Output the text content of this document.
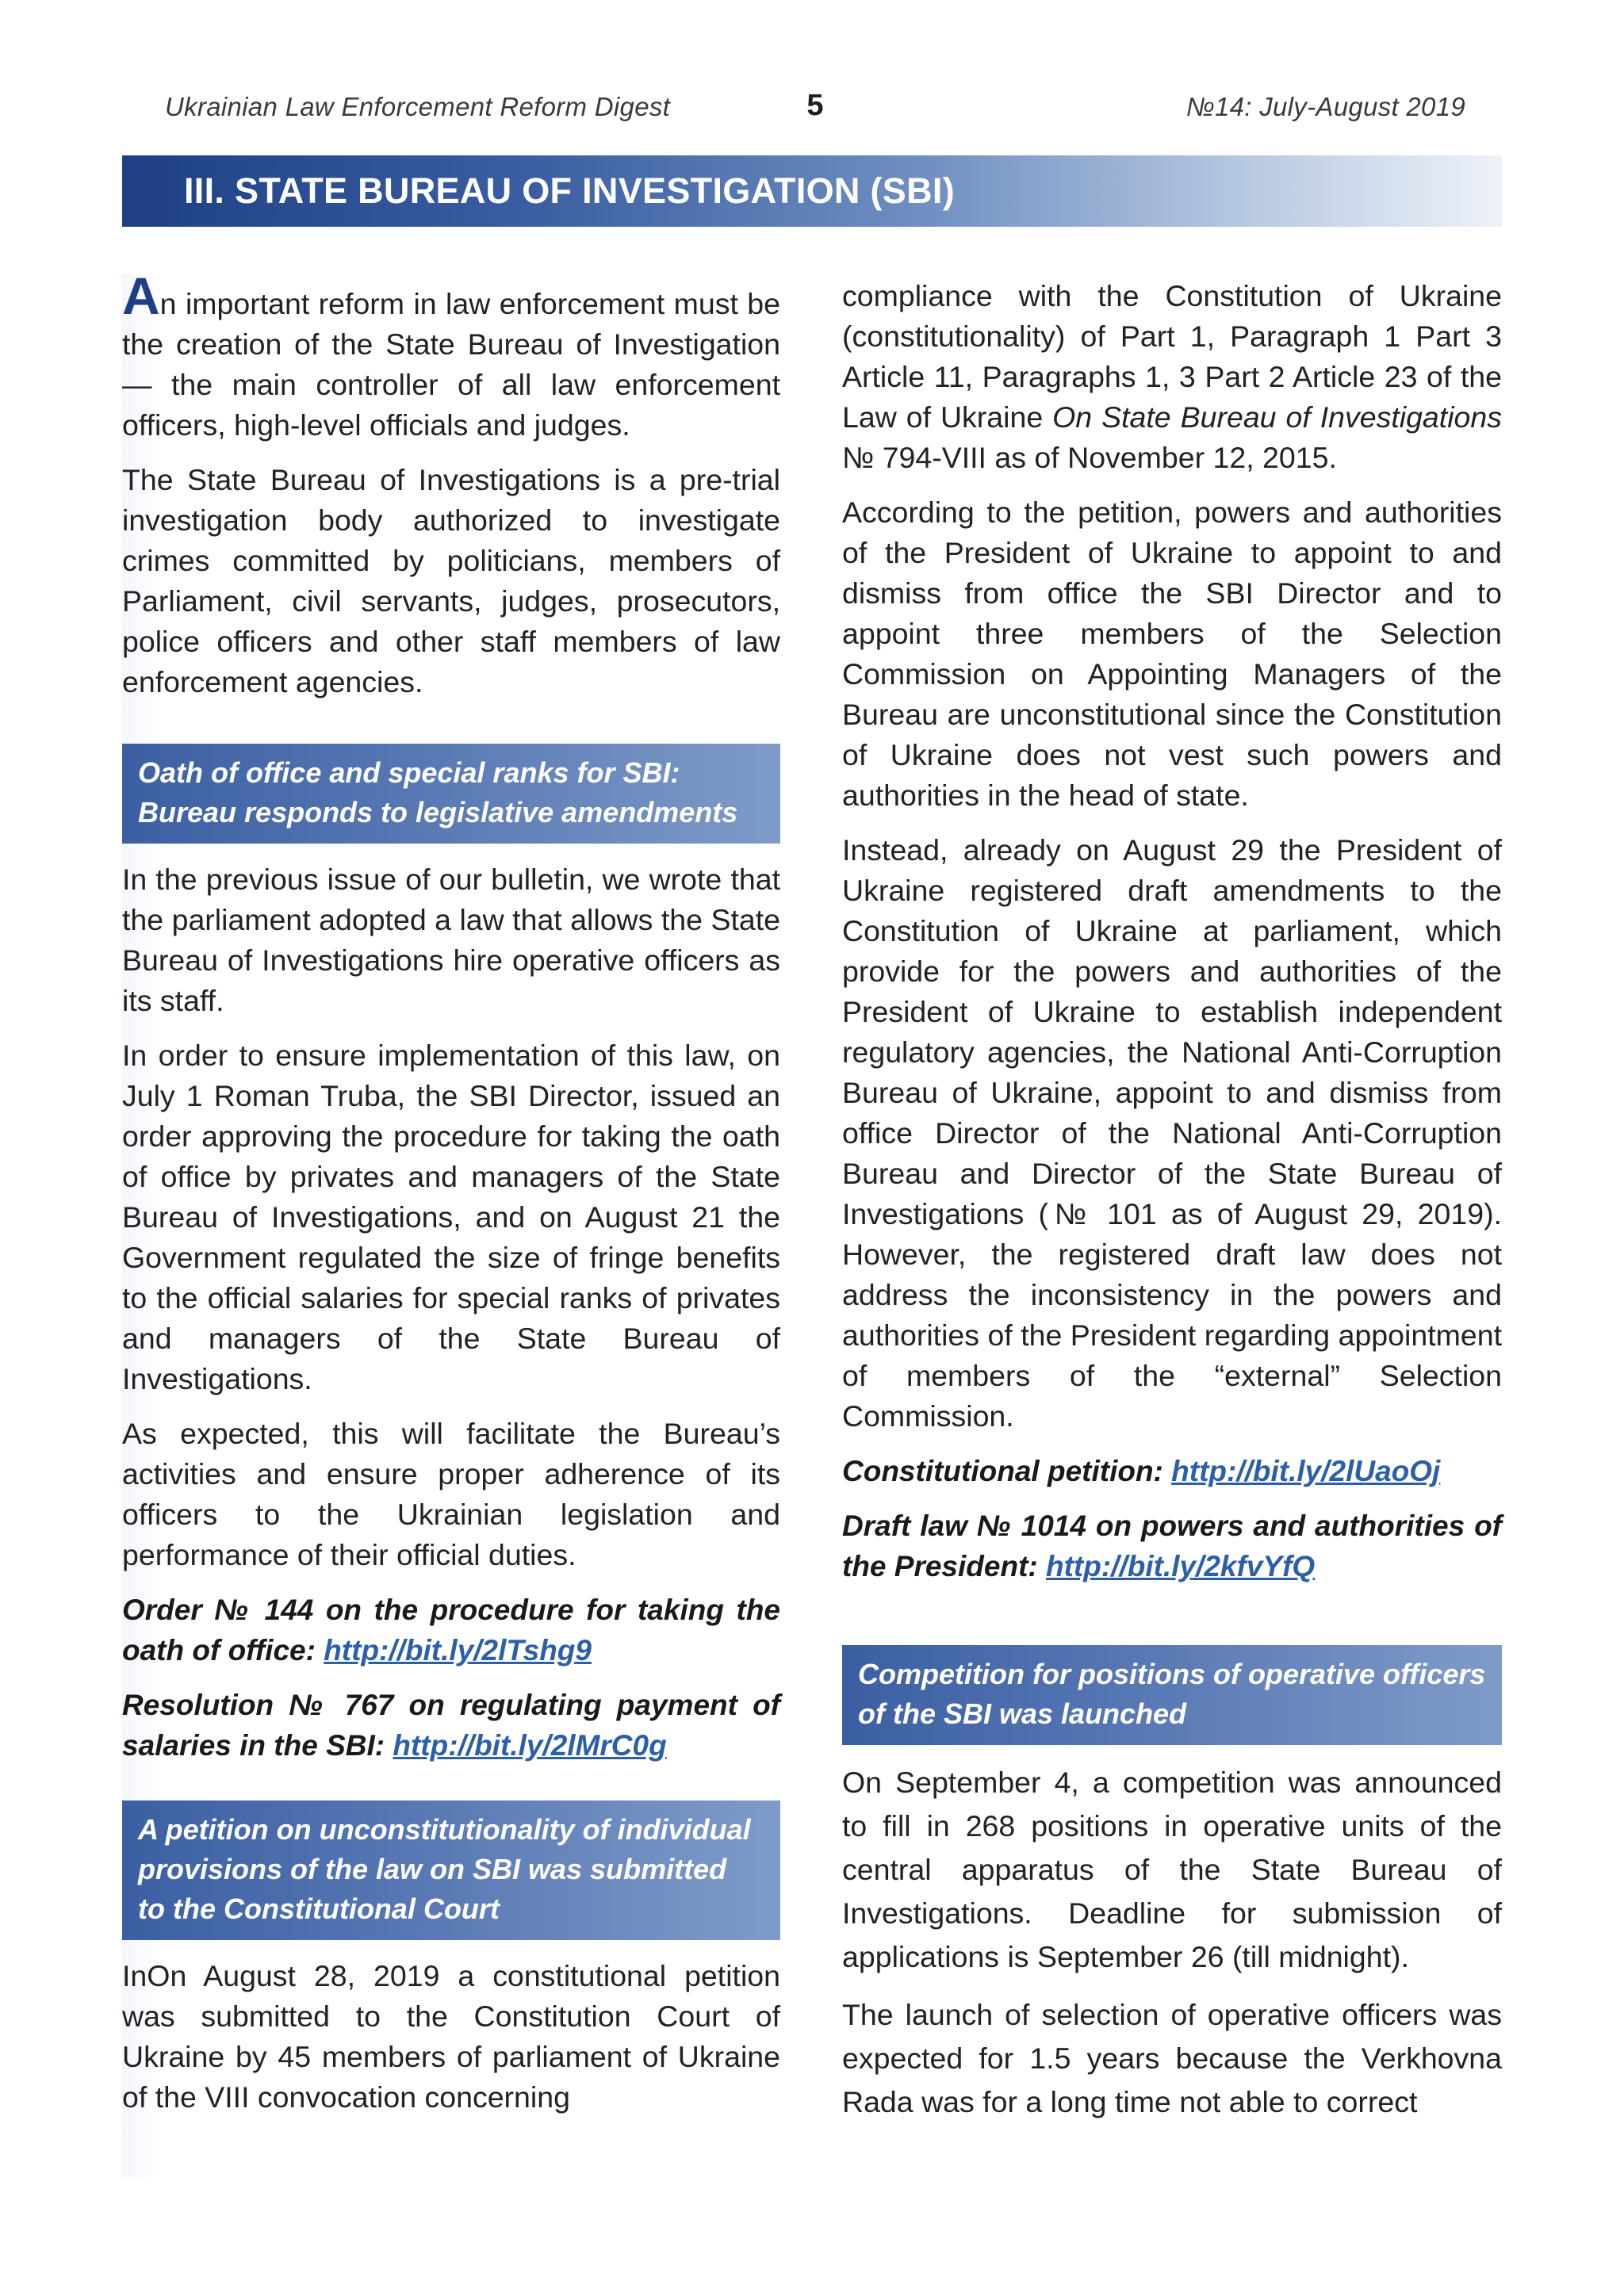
Ukrainian Law Enforcement Reform Digest	5	№14: July-August 2019
III. STATE BUREAU OF INVESTIGATION (SBI)

An important reform in law enforcement must be the creation of the State Bureau of Investigation — the main controller of all law enforcement officers, high-level officials and judges.

The State Bureau of Investigations is a pre-trial investigation body authorized to investigate crimes committed by politicians, members of Parliament, civil servants, judges, prosecutors, police officers and other staff members of law enforcement agencies.

Oath of office and special ranks for SBI: Bureau responds to legislative amendments

In the previous issue of our bulletin, we wrote that the parliament adopted a law that allows the State Bureau of Investigations hire operative officers as its staff.

In order to ensure implementation of this law, on July 1 Roman Truba, the SBI Director, issued an order approving the procedure for taking the oath of office by privates and managers of the State Bureau of Investigations, and on August 21 the Government regulated the size of fringe benefits to the official salaries for special ranks of privates and managers of the State Bureau of Investigations.

As expected, this will facilitate the Bureau’s activities and ensure proper adherence of its officers to the Ukrainian legislation and performance of their official duties.

Order № 144 on the procedure for taking the oath of office: http://bit.ly/2lTshg9
Resolution № 767 on regulating payment of salaries in the SBI: http://bit.ly/2lMrC0g
A petition on unconstitutionality of individual
provisions of the law on SBI was submitted
to the Constitutional Court

InOn August 28, 2019 a constitutional petition was submitted to the Constitution Court of Ukraine by 45 members of parliament of Ukraine of the VIII convocation concerning

compliance with the Constitution of Ukraine (constitutionality) of Part 1, Paragraph 1 Part 3 Article 11, Paragraphs 1, 3 Part 2 Article 23 of the Law of Ukraine On State Bureau of Investigations № 794-VIII as of November 12, 2015.

According to the petition, powers and authorities of the President of Ukraine to appoint to and dismiss from office the SBI Director and to appoint three members of the Selection Commission on Appointing Managers of the Bureau are unconstitutional since the Constitution of Ukraine does not vest such powers and authorities in the head of state.

Instead, already on August 29 the President of Ukraine registered draft amendments to the Constitution of Ukraine at parliament, which provide for the powers and authorities of the President of Ukraine to establish independent regulatory agencies, the National Anti-Corruption Bureau of Ukraine, appoint to and dismiss from office Director of the National Anti-Corruption Bureau and Director of the State Bureau of Investigations (№ 101 as of August 29, 2019). However, the registered draft law does not address the inconsistency in the powers and authorities of the President regarding appointment of members of the “external” Selection Commission.

Constitutional petition: http://bit.ly/2lUaoOj
Draft law № 1014 on powers and authorities of the President: http://bit.ly/2kfvYfQ
Competition for positions of operative officers of the SBI was launched

On September 4, a competition was announced to fill in 268 positions in operative units of the central apparatus of the State Bureau of Investigations. Deadline for submission of applications is September 26 (till midnight).

The launch of selection of operative officers was expected for 1.5 years because the Verkhovna Rada was for a long time not able to correct
